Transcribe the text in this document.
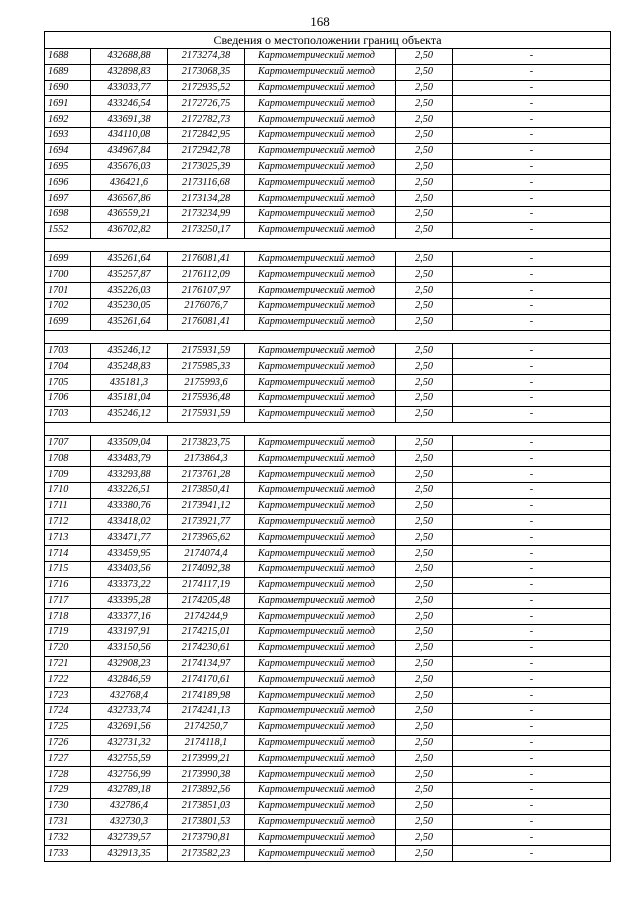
168
Сведения о местоположении границ объекта					
1688	432688,88	2173274,38	Картометрический метод	2,50	-
1689	432898,83	2173068,35	Картометрический метод	2,50	-
1690	433033,77	2172935,52	Картометрический метод	2,50	-
1691	433246,54	2172726,75	Картометрический метод	2,50	-
1692	433691,38	2172782,73	Картометрический метод	2,50	-
1693	434110,08	2172842,95	Картометрический метод	2,50	-
1694	434967,84	2172942,78	Картометрический метод	2,50	-
1695	435676,03	2173025,39	Картометрический метод	2,50	-
1696	436421,6	2173116,68	Картометрический метод	2,50	-
1697	436567,86	2173134,28	Картометрический метод	2,50	-
1698	436559,21	2173234,99	Картометрический метод	2,50	-
1552	436702,82	2173250,17	Картометрический метод	2,50	-

1699	435261,64	2176081,41	Картометрический метод	2,50	-
1700	435257,87	2176112,09	Картометрический метод	2,50	-
1701	435226,03	2176107,97	Картометрический метод	2,50	-
1702	435230,05	2176076,7	Картометрический метод	2,50	-
1699	435261,64	2176081,41	Картометрический метод	2,50	-

1703	435246,12	2175931,59	Картометрический метод	2,50	-
1704	435248,83	2175985,33	Картометрический метод	2,50	-
1705	435181,3	2175993,6	Картометрический метод	2,50	-
1706	435181,04	2175936,48	Картометрический метод	2,50	-
1703	435246,12	2175931,59	Картометрический метод	2,50	-

1707	433509,04	2173823,75	Картометрический метод	2,50	-
1708	433483,79	2173864,3	Картометрический метод	2,50	-
1709	433293,88	2173761,28	Картометрический метод	2,50	-
1710	433226,51	2173850,41	Картометрический метод	2,50	-
1711	433380,76	2173941,12	Картометрический метод	2,50	-
1712	433418,02	2173921,77	Картометрический метод	2,50	-
1713	433471,77	2173965,62	Картометрический метод	2,50	-
1714	433459,95	2174074,4	Картометрический метод	2,50	-
1715	433403,56	2174092,38	Картометрический метод	2,50	-
1716	433373,22	2174117,19	Картометрический метод	2,50	-
1717	433395,28	2174205,48	Картометрический метод	2,50	-
1718	433377,16	2174244,9	Картометрический метод	2,50	-
1719	433197,91	2174215,01	Картометрический метод	2,50	-
1720	433150,56	2174230,61	Картометрический метод	2,50	-
1721	432908,23	2174134,97	Картометрический метод	2,50	-
1722	432846,59	2174170,61	Картометрический метод	2,50	-
1723	432768,4	2174189,98	Картометрический метод	2,50	-
1724	432733,74	2174241,13	Картометрический метод	2,50	-
1725	432691,56	2174250,7	Картометрический метод	2,50	-
1726	432731,32	2174118,1	Картометрический метод	2,50	-
1727	432755,59	2173999,21	Картометрический метод	2,50	-
1728	432756,99	2173990,38	Картометрический метод	2,50	-
1729	432789,18	2173892,56	Картометрический метод	2,50	-
1730	432786,4	2173851,03	Картометрический метод	2,50	-
1731	432730,3	2173801,53	Картометрический метод	2,50	-
1732	432739,57	2173790,81	Картометрический метод	2,50	-
1733	432913,35	2173582,23	Картометрический метод	2,50	-
